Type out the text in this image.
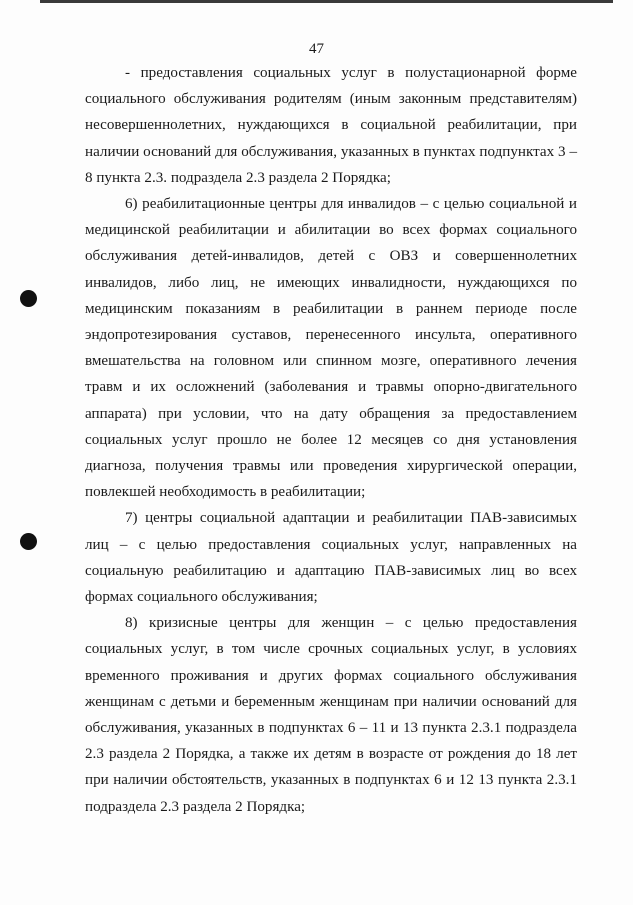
47

- предоставления социальных услуг в полустационарной форме социального обслуживания родителям (иным законным представителям) несовершеннолетних, нуждающихся в социальной реабилитации, при наличии оснований для обслуживания, указанных в пунктах подпунктах 3 – 8 пункта 2.3. подраздела 2.3 раздела 2 Порядка;

6) реабилитационные центры для инвалидов – с целью социальной и медицинской реабилитации и абилитации во всех формах социального обслуживания детей-инвалидов, детей с ОВЗ и совершеннолетних инвалидов, либо лиц, не имеющих инвалидности, нуждающихся по медицинским показаниям в реабилитации в раннем периоде после эндопротезирования суставов, перенесенного инсульта, оперативного вмешательства на головном или спинном мозге, оперативного лечения травм и их осложнений (заболевания и травмы опорно-двигательного аппарата) при условии, что на дату обращения за предоставлением социальных услуг прошло не более 12 месяцев со дня установления диагноза, получения травмы или проведения хирургической операции, повлекшей необходимость в реабилитации;

7) центры социальной адаптации и реабилитации ПАВ-зависимых лиц – с целью предоставления социальных услуг, направленных на социальную реабилитацию и адаптацию ПАВ-зависимых лиц во всех формах социального обслуживания;

8) кризисные центры для женщин – с целью предоставления социальных услуг, в том числе срочных социальных услуг, в условиях временного проживания и других формах социального обслуживания женщинам с детьми и беременным женщинам при наличии оснований для обслуживания, указанных в подпунктах 6 – 11 и 13 пункта 2.3.1 подраздела 2.3 раздела 2 Порядка, а также их детям в возрасте от рождения до 18 лет при наличии обстоятельств, указанных в подпунктах 6 и 12 13 пункта 2.3.1 подраздела 2.3 раздела 2 Порядка;
